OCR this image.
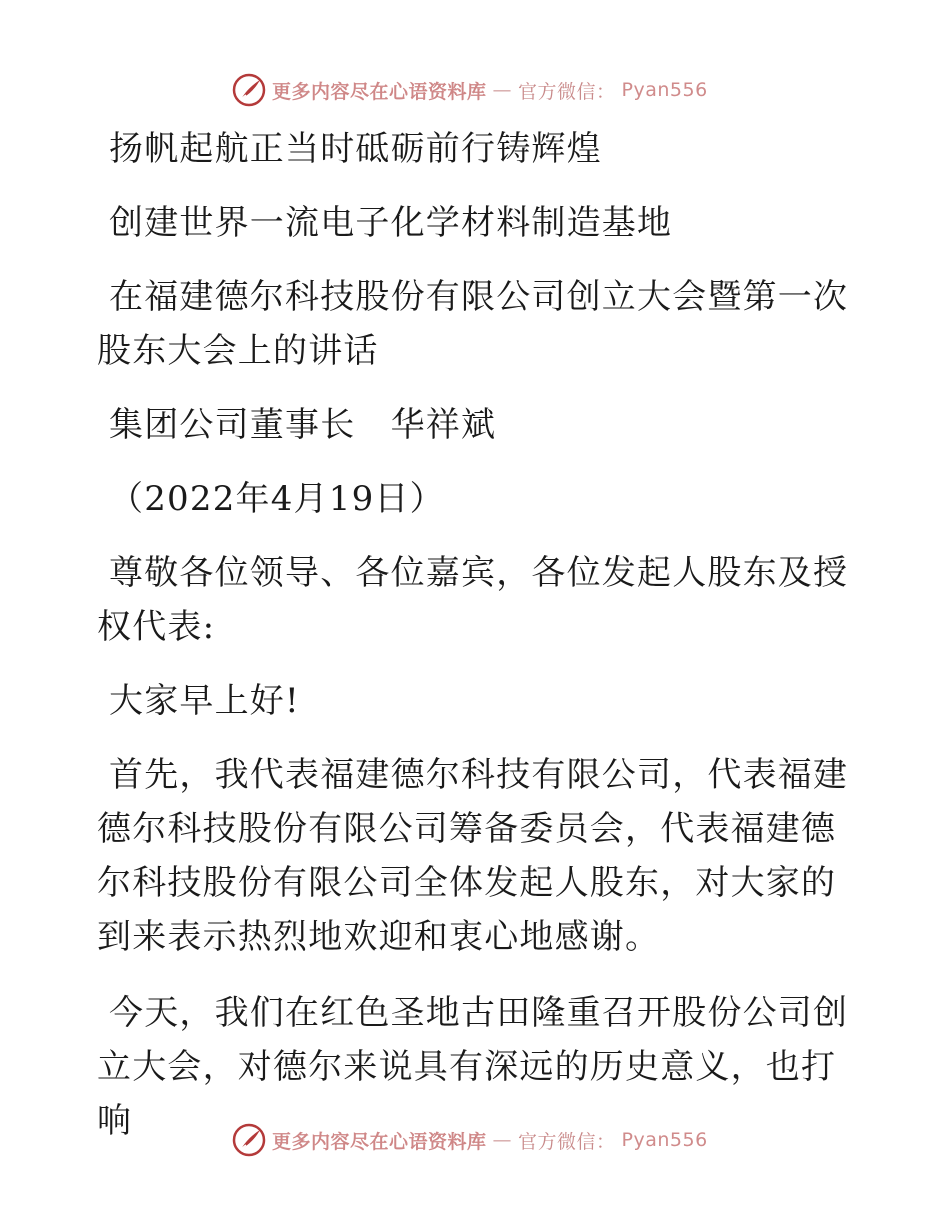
更多内容尽在心语资料库 — 官方微信： Pyan556

扬帆起航正当时砥砺前行铸辉煌

创建世界一流电子化学材料制造基地

在福建德尔科技股份有限公司创立大会暨第一次股东大会上的讲话

集团公司董事长　华祥斌

（2022年4月19日）

尊敬各位领导、各位嘉宾，各位发起人股东及授权代表:

大家早上好!

首先，我代表福建德尔科技有限公司，代表福建德尔科技股份有限公司筹备委员会，代表福建德尔科技股份有限公司全体发起人股东，对大家的到来表示热烈地欢迎和衷心地感谢。

今天，我们在红色圣地古田隆重召开股份公司创立大会，对德尔来说具有深远的历史意义，也打响

更多内容尽在心语资料库 — 官方微信： Pyan556
